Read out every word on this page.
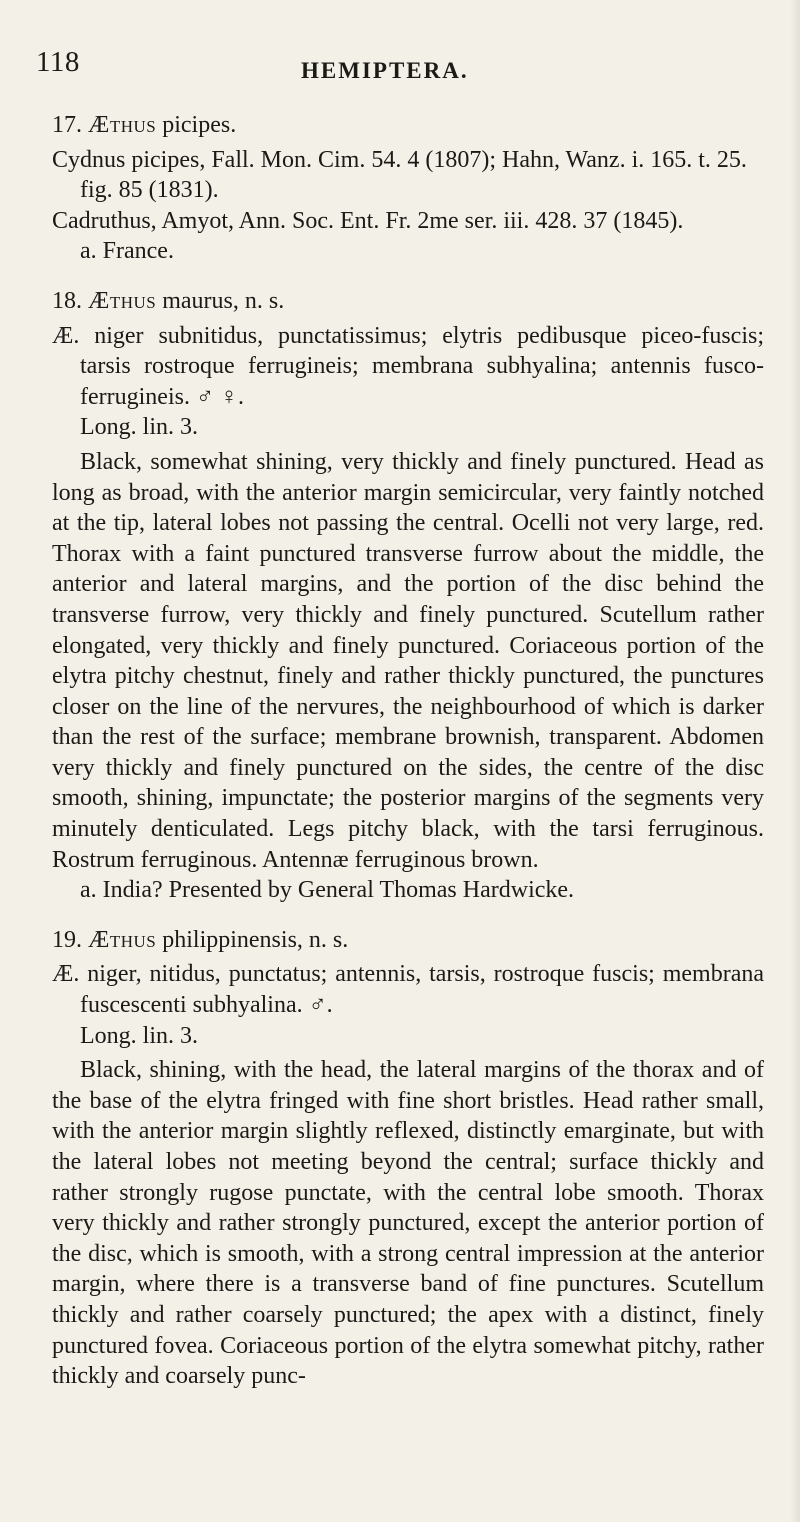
118	HEMIPTERA.
17. Æthus picipes.

Cydnus picipes, Fall. Mon. Cim. 54. 4 (1807); Hahn, Wanz. i. 165. t. 25. fig. 85 (1831).

Cadruthus, Amyot, Ann. Soc. Ent. Fr. 2me ser. iii. 428. 37 (1845).

a. France.

18. Æthus maurus, n. s.

Æ. niger subnitidus, punctatissimus; elytris pedibusque piceo-fuscis; tarsis rostroque ferrugineis; membrana subhyalina; antennis fusco-ferrugineis. ♂ ♀.

Long. lin. 3.

Black, somewhat shining, very thickly and finely punctured. Head as long as broad, with the anterior margin semicircular, very faintly notched at the tip, lateral lobes not passing the central. Ocelli not very large, red. Thorax with a faint punctured transverse furrow about the middle, the anterior and lateral margins, and the portion of the disc behind the transverse furrow, very thickly and finely punctured. Scutellum rather elongated, very thickly and finely punctured. Coriaceous portion of the elytra pitchy chestnut, finely and rather thickly punctured, the punctures closer on the line of the nervures, the neighbourhood of which is darker than the rest of the surface; membrane brownish, transparent. Abdomen very thickly and finely punctured on the sides, the centre of the disc smooth, shining, impunctate; the posterior margins of the segments very minutely denticulated. Legs pitchy black, with the tarsi ferruginous. Rostrum ferruginous. Antennæ ferruginous brown.

a. India? Presented by General Thomas Hardwicke.

19. Æthus philippinensis, n. s.

Æ. niger, nitidus, punctatus; antennis, tarsis, rostroque fuscis; membrana fuscescenti subhyalina. ♂.

Long. lin. 3.

Black, shining, with the head, the lateral margins of the thorax and of the base of the elytra fringed with fine short bristles. Head rather small, with the anterior margin slightly reflexed, distinctly emarginate, but with the lateral lobes not meeting beyond the central; surface thickly and rather strongly rugose punctate, with the central lobe smooth. Thorax very thickly and rather strongly punctured, except the anterior portion of the disc, which is smooth, with a strong central impression at the anterior margin, where there is a transverse band of fine punctures. Scutellum thickly and rather coarsely punctured; the apex with a distinct, finely punctured fovea. Coriaceous portion of the elytra somewhat pitchy, rather thickly and coarsely punc-
